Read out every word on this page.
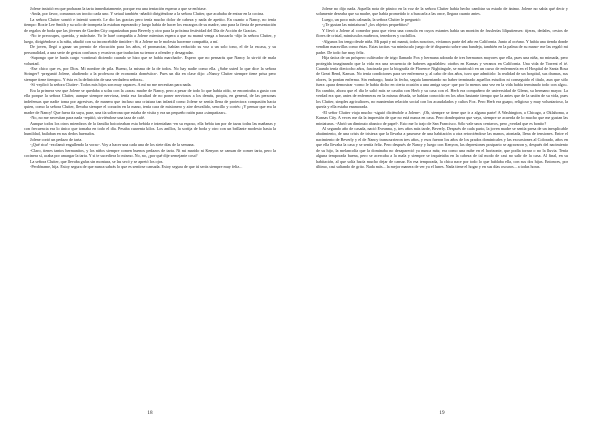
Jolene insistió en que probaran la tarta inmediatamente, porque era una tentación esperar a que se enfriase.

-Anda, por favor, comamos un trocito cada uno. Y setual también -añadió dirigiéndose a la señora Clutter, que acababa de entrar en la cocina.

La señora Clutter sonrió e intentó sonreír. Le dio las gracias pero tenía mucho dolor de cabeza y nada de apetito. En cuanto a Nancy, no tenía tiempo: Roxie Lee Smith y su solo de trompeta la estaban esperando y luego había de hacer los encargos de su madre, uno para la fiesta de presentación de regalos de boda que las jóvenes de Garden City organizaban para Beverly y otro para la próxima festividad del Día de Acción de Gracias.

-No te preocupes, querida, y márchate. Yo le haré compañía a Jolene mientras espera a que su mamá venga a buscarla -dijo la señora Clutter, y luego, dirigiéndose a la niña, añadió con su inconcebible timidez-: Si a Jolene no le molesta hacerme compañía, a mí.

De joven, llegó a ganar un premio de elocución para los años, el pronunciar, habían reducido su voz a un solo tono, el de la escasa, y su personalidad, a una serie de gestos confusos y evasivos que traducían su temor a ofender y desagradar.

-Supongo que te harás cargo -continuó diciendo cuando se hizo que se había marchado-. Espero que no pensarás que Nancy lo sirvió de mala voluntad.

-Ese chico que es, por Dios. Mi nombre de pila. Bueno, la misma de la de todos. No hay nadie como ella. ¿Sabe usted lo que dice la señora Stringer? -preguntó Jolene, aludiendo a la profesora de economía doméstica-. Pues un día en clase dijo: «Nancy Clutter siempre tiene prisa pero siempre tiene tiempo». Y ésta es la definición de una verdadera señora».

-Sí -replicó la señora Clutter-. Todos mis hijos son muy capaces. A mí no me necesitan para nada.

Era la primera vez que Jolene se quedaba a solas con la «rara» madre de Nancy, pero a pesar de todo lo que había oído, se encontraba a gusto con ella porque la señora Clutter, aunque siempre nerviosa, tenía esa facultad de no poner nerviosos a los demás, propia, en general, de las personas indefensas que nadie toma por agresivas, de manera que incluso una criatura tan infantil como Jolene se sentía llena de protectora compasión hacia quien, como la señora Clutter, llevaba siempre el corazón en la mano, tenía cara de misionero y aire desvalido, sencillo y cortés: ¡Y pensar que era la madre de Nancy! Que fuera tía suya, pase, una tía solterona que estaba de visita y era un pequeño ratón para «simpatizar».

-No, no me necesitan para nada -repitió, sirviéndose una taza de café.

Aunque todos los otros miembros de la familia boicoteaban esta bebida e intentaban -en su esposo, ella bebía tan por de tazas todas las mañanas y con frecuencia era lo único que tomaba en todo el día. Pesaba cuarenta kilos. Los anillos, la sortija de boda y otro con un brillante modesto hasta la humildad, bailaban en sus dedos huesudos.

Jolene cortó un pedazo de tarta.

-¡Qué rica! -exclamó engullendo la vorac-. Voy a hacer una cada una de los siete días de la semana.

-Claro, tienes tantos hermanitos, y los niños siempre comen buenos pedazos de tarta. Ni mi marido ni Kenyon se cansan de comer tarta, pero la cocinera sí, acaba por amargar la tarta. Y si te sucediera lo mismo. No, no, ¿por qué dije semejante cosa?

La señora Clutter, que llevaba gafas sin montura, se las secó y se apretó los ojos.

-Perdóname, hija. Estoy segura de que nunca sabrás lo que es sentirse cansada. Estoy segura de que tú serás siempre muy feliz...

18

Jolene no dijo nada. Aquella nota de pánico en la voz de la señora Clutter había hecho cambiar su estado de ánimo. Jolene no sabía qué decir y solamente deseaba que su madre, que había prometido ir a buscarla a las once, llegara cuanto antes.

Luego, un poco más calmada, la señora Clutter le preguntó:

-¿Te gustan las miniaturas? ¿los objetos pequeñitos?

Y llevó a Jolene al comedor para que viera una consola en cuyos estantes había un montón de fruslerías liliputienses: tijeras, dedales, cestos de flores de cristal, minúsculos muñecos, tenedores y cuchillos.

-Algunos los tengo desde niña. Mi papá y mi mamá, todos nosotros, vivíamos parte del año en California. Junto al océano. Y había una tienda donde vendían maravillas como éstas. Estas tacitas -su minúsculo juego de té dispuesto sobre una bandeja, también en la palma de su mano- me las regaló mi padre. De todo fue muy feliz.

Hija única de un próspero cultivador de trigo llamado Fox y hermana adorada de tres hermanos mayores que ella, pues una niña, no mimada, pero protegida imaginando que la vida era una secuencia de haberes agradables: otoños en Kansas y veranos en California. Una vida de Torrent el té. Cuando tenía dieciocho años, fascinada por la biografía de Florence Nightingale, se matriculó en un curso de enfermería en el Hospital de Santa Rosa de Great Bend, Kansas. No tenía condiciones para ser enfermera y, al cabo de dos años, tuvo que admitirlo: la realidad de un hospital, sus dramas, sus olores, la ponían enferma. Sin embargo, hasta la fecha, seguía lamentando no haber terminado aquellos estudios ni conseguido el título, aun que sólo fuera «para demostrar -como le había dicho en cierta ocasión a una amiga suya- que por lo menos una vez en la vida había terminado todo con algo». En cambio, ahora que el día le salió más se casaba con Herb y su casa con el. Herb era compañero de universidad de Glenn, su hermano mayor. La verdad era que, antes de enfermeras en la misma década, se habían conocido en los años bastante tiempo que la antes que de la unión de su vida, pues los Clutter, simples agricultores, no mantenían relación social con los acaudalados y cultos Fox. Pero Herb era guapo, religioso y muy voluntarioso, la quería y ella estaba enamorada.

-El señor Clutter viaja mucho -siguió diciéndole a Jolene-. ¡Oh, siempre se tiene que ir a alguna parte! A Washington, a Chicago, a Oklahoma, a Kansas City. A veces me da la impresión de que no está nunca en casa. Pero dondequiera que vaya, siempre se acuerda de lo mucho que me gustan las miniaturas. -Abrió un diminuto abanico de papel-. Esto me lo trajo de San Francisco. Sólo vale unos centavos, pero ¿verdad que es bonito?

Al segundo año de casada, nació Eveanna, y, tres años más tarde, Beverly. Después de cada parto, la joven madre se sentía presa de un inexplicable abatimiento, de una crisis de tristeza que la llevaba a pasearse de una habitación a otra retorciéndose las manos, atontada, llena de tensiones. Entre el nacimiento de Beverly y el de Nancy transcurrieron tres años, y esos fueron los años de los prados dominicales y las excursiones al Colorado, años en que ella llevaba la casa y se sentía feliz. Pero después de Nancy y luego con Kenyon, las depresiones postparto se agravaron y, después del nacimiento de su hijo, la melancolía que la dominaba no desapareció ya nunca más; era como una nube en el horizonte, que podía tornar o no la lluvia. Tenía alguna temporada buena, pero se acercaba a la mala y siempre se inquietaba en la cabeza de tal modo de casi no salir de la casa. Al final, en su habitación, al que solía hacía mucho dejar de cansar. En esa temporada, la chica nace por todo lo que hablaba ella, con sus dos hijas. Entonces, por último, casi saltando de grito. Nada más... la mejor manera de ver ya el lunes. Nada tiene el hogar y en sus días oscuros... a todas horas.

19
